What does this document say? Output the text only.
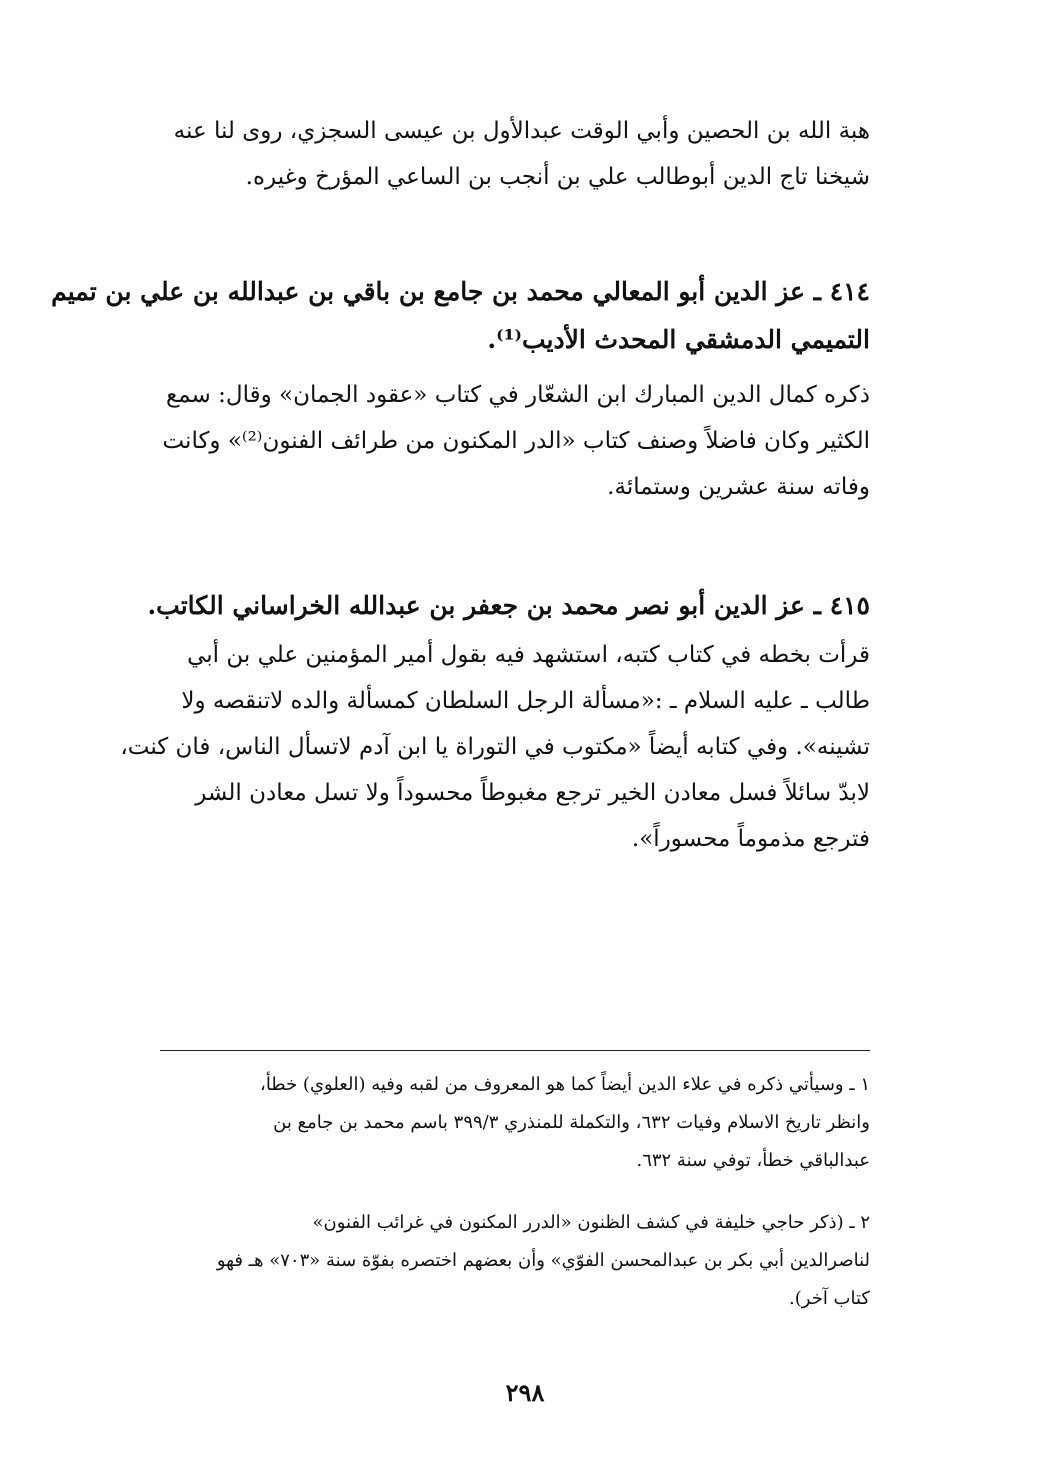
هبة الله بن الحصين وأبي الوقت عبدالأول بن عيسى السجزي، روى لنا عنه
شيخنا تاج الدين أبوطالب علي بن أنجب بن الساعي المؤرخ وغيره.
٤١٤ ـ عز الدين أبو المعالي محمد بن جامع بن باقي بن عبدالله بن علي بن تميم
التميمي الدمشقي المحدث الأديب⁽¹⁾.
ذكره كمال الدين المبارك ابن الشعّار في كتاب «عقود الجمان» وقال: سمع
الكثير وكان فاضلاً وصنف كتاب «الدر المكنون من طرائف الفنون⁽²⁾» وكانت
وفاته سنة عشرين وستمائة.
٤١٥ ـ عز الدين أبو نصر محمد بن جعفر بن عبدالله الخراساني الكاتب.
قرأت بخطه في كتاب كتبه، استشهد فيه بقول أمير المؤمنين علي بن أبي
طالب ـ عليه السلام ـ :«مسألة الرجل السلطان كمسألة والده لاتنقصه ولا
تشينه». وفي كتابه أيضاً «مكتوب في التوراة يا ابن آدم لاتسأل الناس، فان كنت،
لابدّ سائلاً فسل معادن الخير ترجع مغبوطاً محسوداً ولا تسل معادن الشر
فترجع مذموماً محسوراً».
١ ـ وسيأتي ذكره في علاء الدين أيضاً كما هو المعروف من لقبه وفيه (العلوي) خطأ،
وانظر تاريخ الاسلام وفيات ٦٣٢، والتكملة للمنذري ٣٩٩/٣ باسم محمد بن جامع بن
عبدالباقي خطأ، توفي سنة ٦٣٢.
٢ ـ (ذكر حاجي خليفة في كشف الظنون «الدرر المكنون في غرائب الفنون»
لناصرالدين أبي بكر بن عبدالمحسن الفوّي» وأن بعضهم اختصره بفوّة سنة «٧٠٣» هـ فهو
كتاب آخر).
٢٩٨
